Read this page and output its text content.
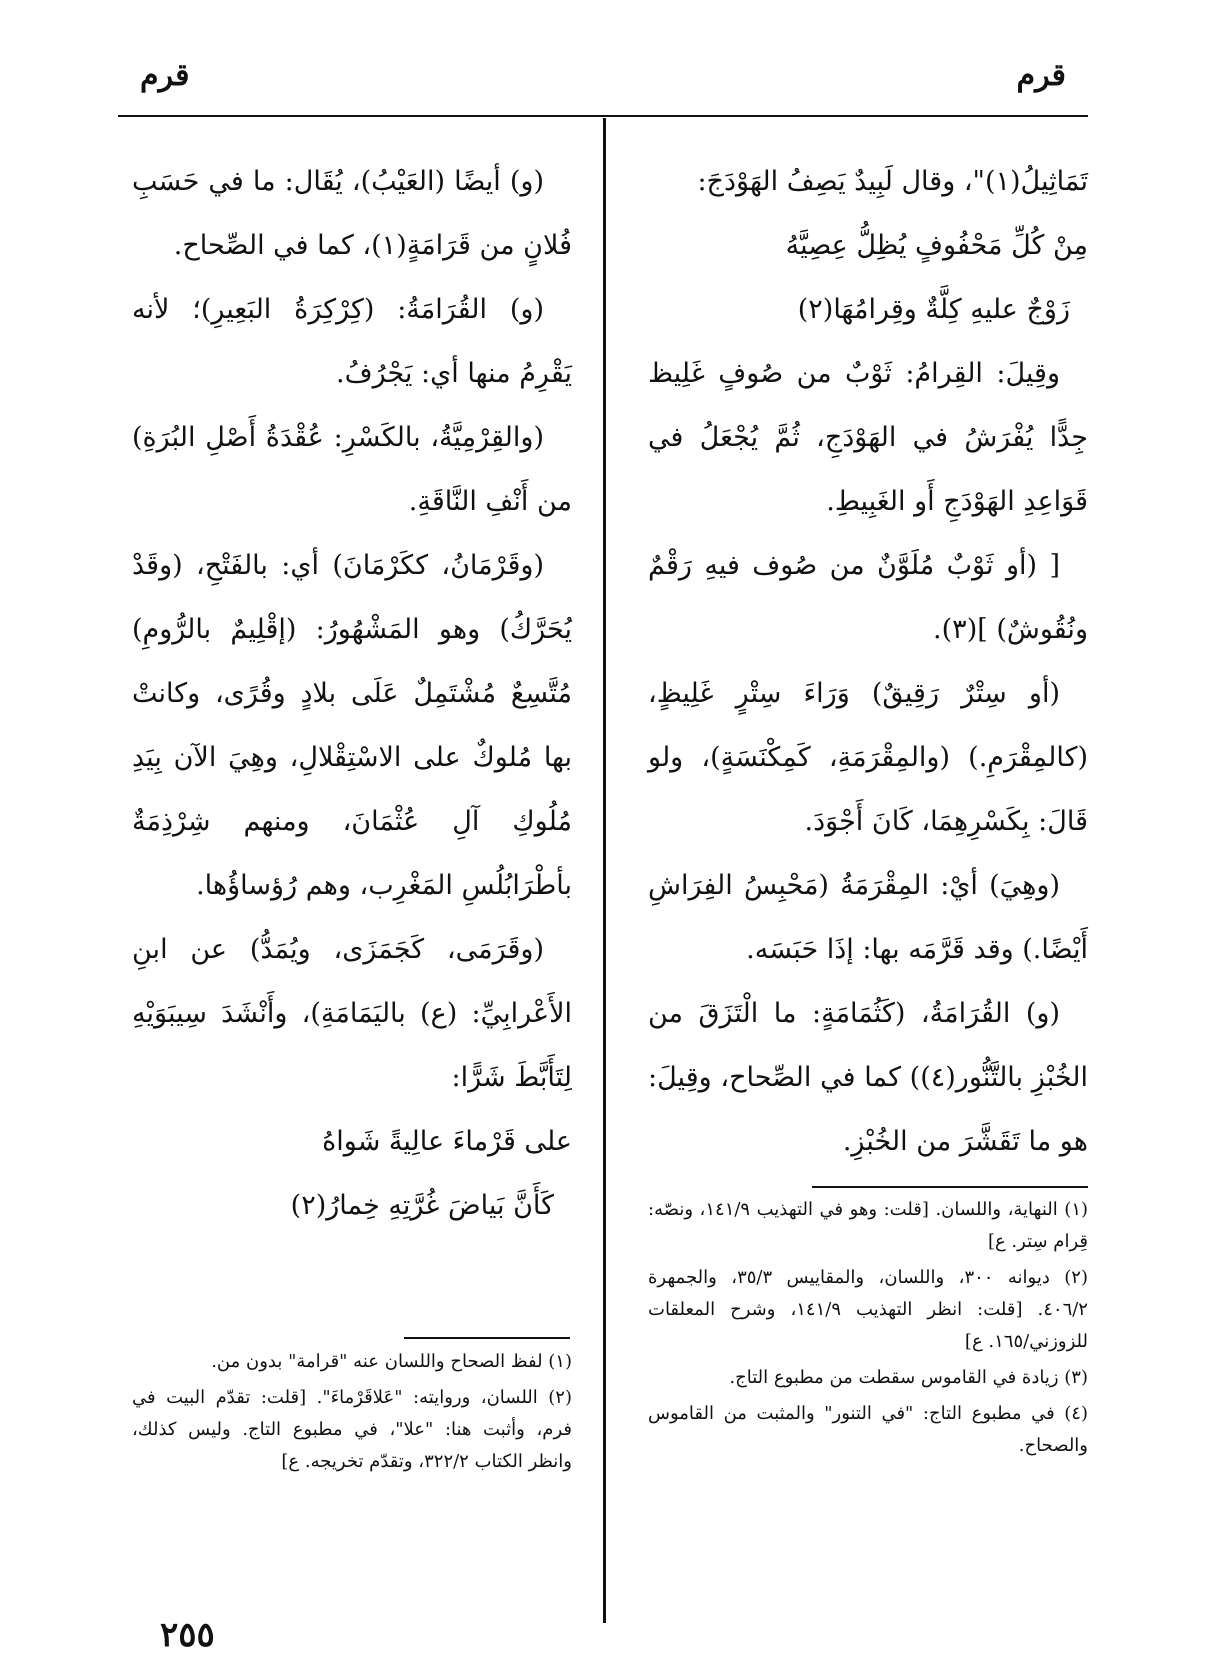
قرم
قرم

تَمَاثِيلُ(١)"، وقال لَبِيدٌ يَصِفُ الهَوْدَجَ:

مِنْ كُلِّ مَحْفُوفٍ يُظِلُّ عِصِيَّهُ

زَوْجٌ عليهِ كِلَّةٌ وقِرامُهَا(٢)

وقِيلَ: القِرامُ: ثَوْبٌ من صُوفٍ غَلِيظ جِدًّا يُفْرَشُ في الهَوْدَجِ، ثُمَّ يُجْعَلُ في قَوَاعِدِ الهَوْدَجِ أَو الغَبِيطِ.

[ (أو ثَوْبٌ مُلَوَّنٌ من صُوف فيهِ رَقْمٌ ونُقُوشٌ) ](٣).

(أو سِتْرٌ رَقِيقٌ) وَرَاءَ سِتْرٍ غَلِيظٍ، (كالمِقْرَمِ.) (والمِقْرَمَةِ، كَمِكْنَسَةٍ)، ولو قَالَ: بِكَسْرِهِمَا، كَانَ أَجْوَدَ.

(وهِيَ) أيْ: المِقْرَمَةُ (مَحْبِسُ الفِرَاشِ أَيْضًا.) وقد قَرَّمَه بها: إذَا حَبَسَه.

(و) القُرَامَةُ، (كَثُمَامَةٍ: ما الْتَزَقَ من الخُبْزِ بالتَّنُّور(٤)) كما في الصِّحاح، وقِيلَ: هو ما تَقَشَّرَ من الخُبْزِ.

(و) أيضًا (العَيْبُ)، يُقَال: ما في حَسَبِ فُلانٍ من قَرَامَةٍ(١)، كما في الصِّحاح.

(و) القُرَامَةُ: (كِرْكِرَةُ البَعِيرِ)؛ لأنه يَقْرِمُ منها أي: يَجْرُفُ.

(والقِرْمِيَّةُ، بالكَسْرِ: عُقْدَةُ أَصْلِ البُرَةِ) من أَنْفِ النَّاقَةِ.

(وقَرْمَانُ، ككَرْمَانَ) أي: بالفَتْحِ، (وقَدْ يُحَرَّكُ) وهو المَشْهُورُ: (إقْلِيمٌ بالرُّومِ) مُتَّسِعٌ مُشْتَمِلٌ عَلَى بلادٍ وقُرًى، وكانتْ بها مُلوكٌ على الاسْتِقْلالِ، وهِيَ الآن بِيَدِ مُلُوكِ آلِ عُثْمَانَ، ومنهم شِرْذِمَةٌ بأطْرَابُلُسِ المَغْرِب، وهم رُؤساؤُها.

(وقَرَمَى، كَجَمَزَى، ويُمَدُّ) عن ابنِ الأَعْرابِيِّ: (ع) باليَمَامَةِ)، وأَنْشَدَ سِيبَوَيْهِ لِتَأَبَّطَ شَرًّا:

على قَرْماءَ عالِيةً شَواهُ

كَأَنَّ بَياضَ غُرَّتِهِ خِمارُ(٢)	(١) النهاية، واللسان. [قلت: وهو في التهذيب ١٤١/٩، ونصّه: قِرام سِتر. ع]

(٢) ديوانه ٣٠٠، واللسان، والمقاييس ٣٥/٣، والجمهرة ٤٠٦/٢. [قلت: انظر التهذيب ١٤١/٩، وشرح المعلقات للزوزني/١٦٥. ع]

(٣) زيادة في القاموس سقطت من مطبوع التاج.

(٤) في مطبوع التاج: "في التنور" والمثبت من القاموس والصحاح.

(١) لفظ الصحاح واللسان عنه "قرامة" بدون من.

(٢) اللسان، وروايته: "عَلاقَرْماءَ". [قلت: تقدّم البيت في فرم، وأثبت هنا: "علا"، في مطبوع التاج. وليس كذلك، وانظر الكتاب ٣٢٢/٢، وتقدّم تخريجه. ع]

٢٥٥
